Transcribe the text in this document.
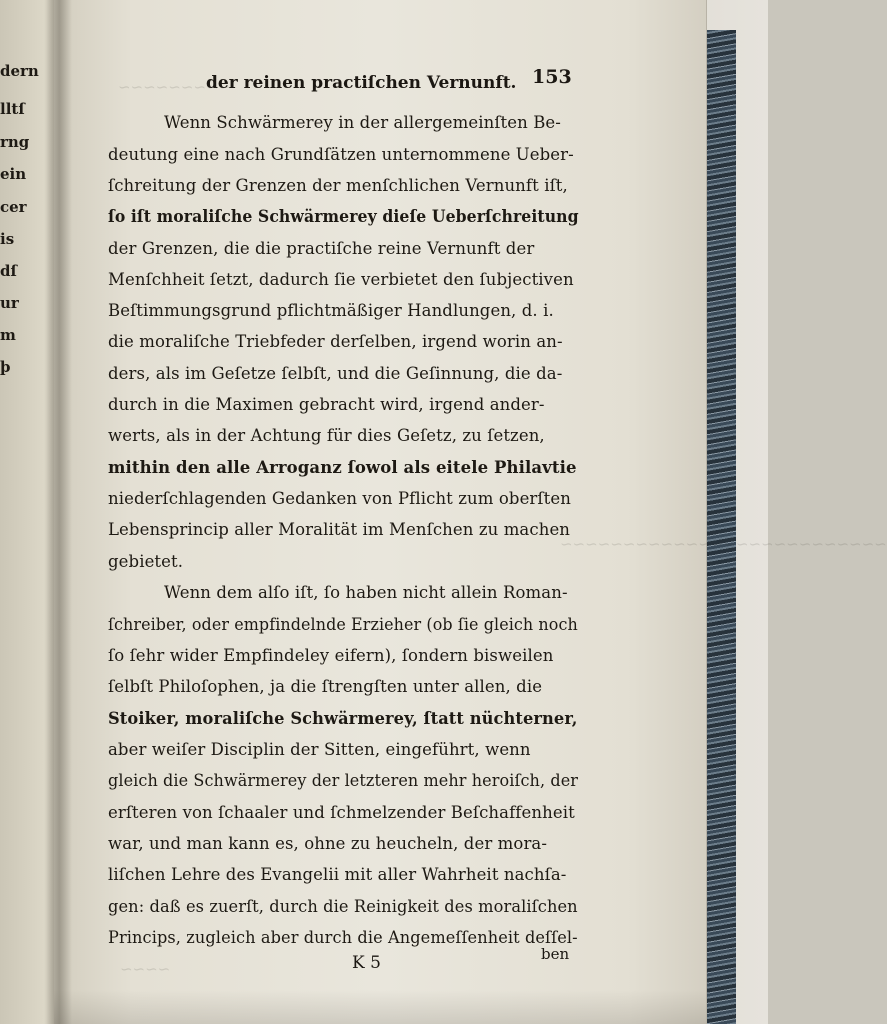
dern
lltſ
rng
ein
cer
is
dſ
ur
m
þ
~~~~~~~~~
~~~~~~~~~~~~~~~~~~~~~~~~~~
~~~~
der reinen practiſchen Vernunft. 153
Wenn Schwärmerey in der allergemeinſten Be-
deutung eine nach Grundſätzen unternommene Ueber-
ſchreitung der Grenzen der menſchlichen Vernunft iſt,
ſo iſt moraliſche Schwärmerey dieſe Ueberſchreitung
der Grenzen, die die practiſche reine Vernunft der
Menſchheit ſetzt, dadurch ſie verbietet den ſubjectiven
Beſtimmungsgrund pflichtmäßiger Handlungen, d. i.
die moraliſche Triebfeder derſelben, irgend worin an-
ders, als im Geſetze ſelbſt, und die Geſinnung, die da-
durch in die Maximen gebracht wird, irgend ander-
werts, als in der Achtung für dies Geſetz, zu ſetzen,
mithin den alle Arroganz ſowol als eitele Philavtie
niederſchlagenden Gedanken von Pflicht zum oberſten
Lebensprincip aller Moralität im Menſchen zu machen
gebietet.
Wenn dem alſo iſt, ſo haben nicht allein Roman-
ſchreiber, oder empfindelnde Erzieher (ob ſie gleich noch
ſo ſehr wider Empfindeley eifern), ſondern bisweilen
ſelbſt Philoſophen, ja die ſtrengſten unter allen, die
Stoiker, moraliſche Schwärmerey, ſtatt nüchterner,
aber weiſer Disciplin der Sitten, eingeführt, wenn
gleich die Schwärmerey der letzteren mehr heroiſch, der
erſteren von ſchaaler und ſchmelzender Beſchaffenheit
war, und man kann es, ohne zu heucheln, der mora-
liſchen Lehre des Evangelii mit aller Wahrheit nachſa-
gen: daß es zuerſt, durch die Reinigkeit des moraliſchen
Princips, zugleich aber durch die Angemeſſenheit deſſel-
K 5	ben
